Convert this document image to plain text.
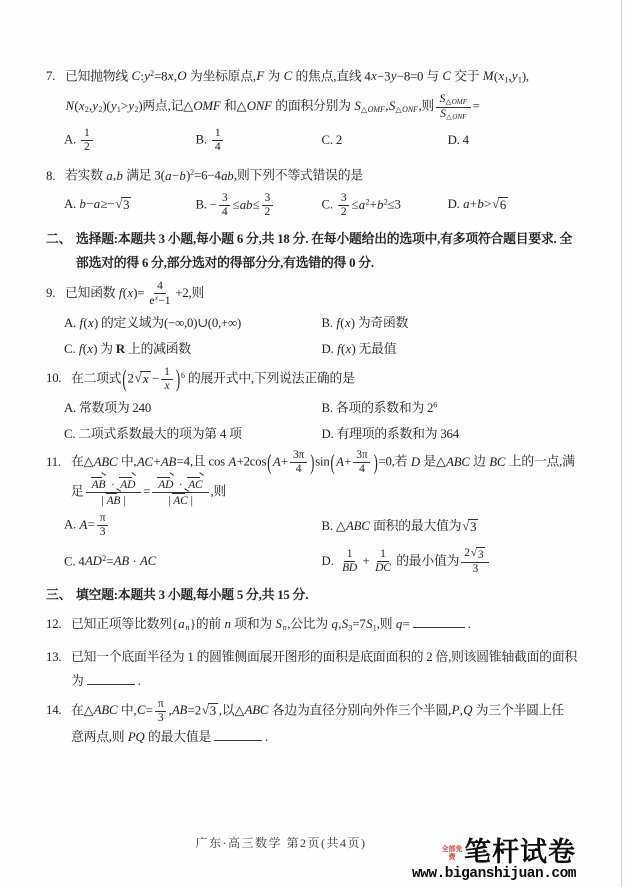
7. 已知抛物线 $C:y^2=8x,O$ 为坐标原点,F 为 C 的焦点,直线 4x−3y−8=0 与 C 交于 $M(x_1,y_1)$,
$N(x_2,y_2)(y_1>y_2)$两点,记△OMF 和△ONF 的面积分别为 $S_{\triangle OMF},S_{\triangle ONF}$,则 $\frac{S_{\triangle OMF}}{S_{\triangle ONF}}$ =
A. $\frac{1}{2}$	B. $\frac{1}{4}$	C. 2	D. 4
8. 若实数 a,b 满足 $3(a-b)^2=6-4ab$,则下列不等式错误的是
A. b−a≥− √ 3	B. − $\frac{3}{4} \le ab\le \frac{3}{2}$	C. $\frac{3}{2} \le a^2+b^2\le 3$	D. a+b> √ 6
二、 选择题:本题共 3 小题,每小题 6 分,共 18 分. 在每小题给出的选项中,有多项符合题目要求. 全
部选对的得 6 分,部分选对的得部分分,有选错的得 0 分.
9. 已知函数 $f(x)= \frac{4}{e^x-1} +2$,则
A. f(x) 的定义域为(−∞,0)∪(0,+∞)	B. f(x) 为奇函数
C. f(x) 为 R 上的减函数	D. f(x) 无最值
10. 在二项式(2 √ $x - \frac{1}{x} )^6$ 的展开式中,下列说法正确的是
A. 常数项为 240	B. 各项的系数和为 $2^6$
C. 二项式系数最大的项为第 4 项	D. 有理项的系数和为 364
11. 在△ABC 中,AC+AB=4,且 cos A+2cos( $A+ \frac{3\pi}{4} )\sin$( $A+ \frac{3\pi}{4} )=0$,若 D 是△ABC 边 BC 上的一点,满
足 $\frac{AB \cdot AD}{| AB |} = \frac{AD \cdot AC}{| AC |}$ ,则
A. $A= \frac{\pi}{3}$	B. △ABC 面积的最大值为 √ 3
C. $4AD^2=AB$ · AC	D. $\frac{1}{BD} + \frac{1}{DC}$ 的最小值为 $\frac{2 √ 3}{3}$
三、 填空题:本题共 3 小题,每小题 5 分,共 15 分.
12. 已知正项等比数列$\{a_n\}$的前 n 项和为 $S_n$,公比为 $q,S_3=7S_1$,则 q=	.
13. 已知一个底面半径为 1 的圆锥侧面展开图形的面积是底面面积的 2 倍,则该圆锥轴截面的面积
为	.
14. 在△ABC 中$,C= \frac{\pi}{3} ,AB=2$ √ 3 ,以△ABC 各边为直径分别向外作三个半圆,P,Q 为三个半圆上任
意两点,则 PQ 的最大值是	.
广东·高三数学 第2页(共4页)	全部免费 笔杆试卷
www.biganshijuan.com
